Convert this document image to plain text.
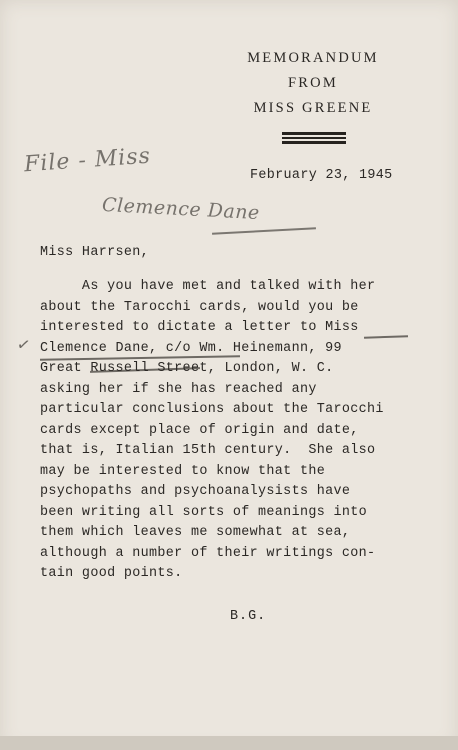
MEMORANDUM
FROM
MISS GREENE
File - Miss
Clemence Dane
February 23, 1945
Miss Harrsen,
✓
As you have met and talked with her
about the Tarocchi cards, would you be
interested to dictate a letter to Miss
Clemence Dane, c/o Wm. Heinemann, 99
Great Russell Street, London, W. C.
asking her if she has reached any
particular conclusions about the Tarocchi
cards except place of origin and date,
that is, Italian 15th century.  She also
may be interested to know that the
psychopaths and psychoanalysists have
been writing all sorts of meanings into
them which leaves me somewhat at sea,
although a number of their writings con-
tain good points.
B.G.
